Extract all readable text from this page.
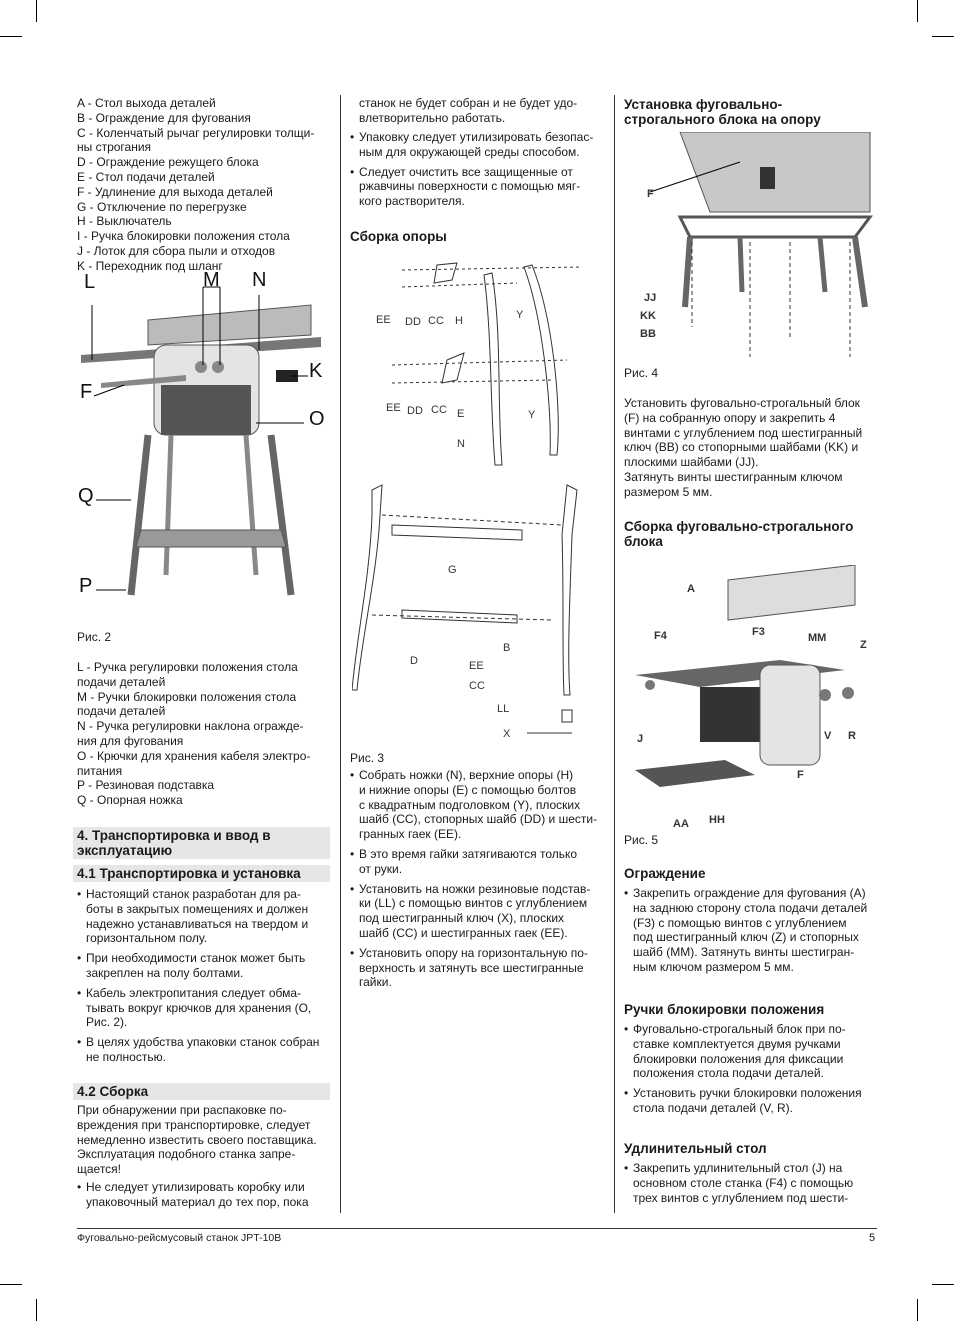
A - Стол выхода деталей
B - Ограждение для фугования
C - Коленчатый рычаг регулировки толщи-
ны строгания
D - Ограждение режущего блока
E - Стол подачи деталей
F - Удлинение для выхода деталей
G - Отключение по перегрузке
H - Выключатель
I - Ручка блокировки положения стола
J - Лоток для сбора пыли и отходов
K - Переходник под шланг
L	M N
F
K
O
Q
P
Рис. 2
L - Ручка регулировки положения стола
подачи деталей
M - Ручки блокировки положения стола
подачи деталей
N - Ручка регулировки наклона огражде-
ния для фугования
O - Крючки для хранения кабеля электро-
питания
P - Резиновая подставка
Q - Опорная ножка
4. Транспортировка и ввод в
эксплуатацию
4.1 Транспортировка и установка
• Настоящий станок разработан для ра-
боты в закрытых помещениях и должен
надежно устанавливаться на твердом и
горизонтальном полу.
• При необходимости станок может быть
закреплен на полу болтами.
• Кабель электропитания следует обма-
тывать вокруг крючков для хранения (O,
Рис. 2).
• В целях удобства упаковки станок собран
не полностью.
4.2 Сборка
При обнаружении при распаковке по-
вреждения при транспортировке, следует
немедленно известить своего поставщика.
Эксплуатация подобного станка запре-
щается!
• Не следует утилизировать коробку или
упаковочный материал до тех пор, пока
станок не будет собран и не будет удо-
влетворительно работать.
• Упаковку следует утилизировать безопас-
ным для окружающей среды способом.
• Следует очистить все защищенные от
ржавчины поверхности с помощью мяг-
кого растворителя.
Сборка опоры
EE DD CC H	Y
EE DD CC E	Y
N
G
D
B
EE
CC
LL
X
Рис. 3
• Собрать ножки (N), верхние опоры (H)
и нижние опоры (E) с помощью болтов
с квадратным подголовком (Y), плоских
шайб (CC), стопорных шайб (DD) и шести-
гранных гаек (EE).
• В это время гайки затягиваются только
от руки.
• Установить на ножки резиновые подстав-
ки (LL) с помощью винтов с углублением
под шестигранный ключ (X), плоских
шайб (CC) и шестигранных гаек (EE).
• Установить опору на горизонтальную по-
верхность и затянуть все шестигранные
гайки.
Установка фуговально-
строгального блока на опору
F
JJ
KK
BB
Рис. 4
Установить фуговально-строгальный блок
(F) на собранную опору и закрепить 4
винтами с углублением под шестигранный
ключ (BB) со стопорными шайбами (KK) и
плоскими шайбами (JJ).
Затянуть винты шестигранным ключом
размером 5 мм.
Сборка фуговально-строгального
блока
A
F4	F3	MM
Z
J	V R
F
AA HH
Рис. 5
Ограждение
• Закрепить ограждение для фугования (A)
на заднюю сторону стола подачи деталей
(F3) с помощью винтов с углублением
под шестигранный ключ (Z) и стопорных
шайб (MM). Затянуть винты шестигран-
ным ключом размером 5 мм.
Ручки блокировки положения
• Фуговально-строгальный блок при по-
ставке комплектуется двумя ручками
блокировки положения для фиксации
положения стола подачи деталей.
• Установить ручки блокировки положения
стола подачи деталей (V, R).
Удлинительный стол
• Закрепить удлинительный стол (J) на
основном столе станка (F4) с помощью
трех винтов с углублением под шести-
Фуговально-рейсмусовый станок JPT-10B	5
